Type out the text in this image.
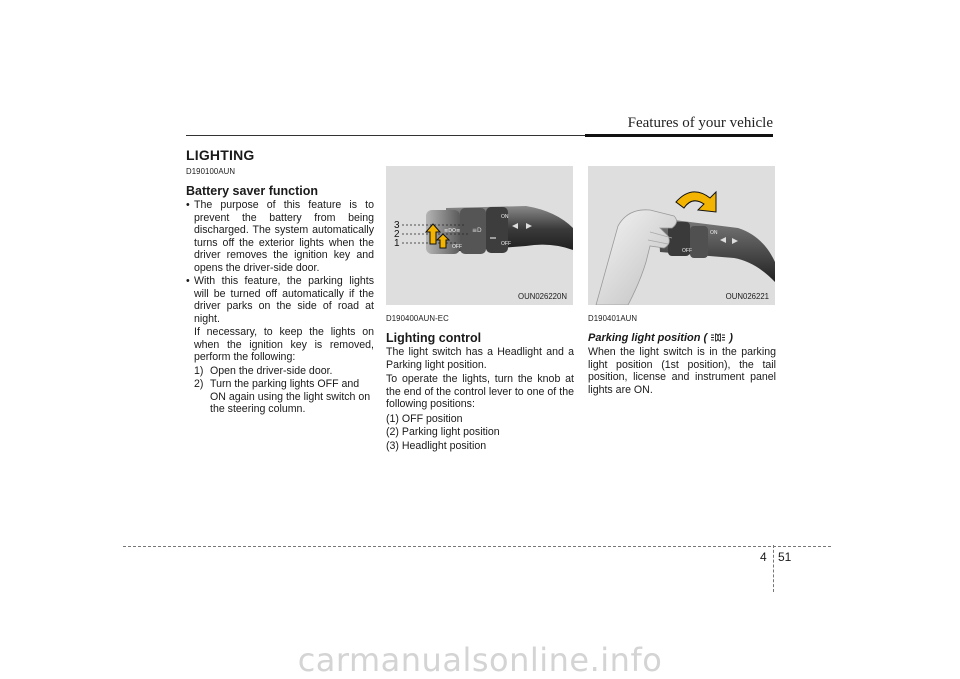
Features of your vehicle
LIGHTING
D190100AUN
Battery saver function
• The purpose of this feature is to prevent the battery from being discharged. The system automatically turns off the exterior lights when the driver removes the ignition key and opens the driver-side door.
• With this feature, the parking lights will be turned off automatically if the driver parks on the side of road at night.
If necessary, to keep the lights on when the ignition key is removed, perform the following:
1) Open the driver-side door.
2) Turn the parking lights OFF and ON again using the light switch on the steering column.
≡D
≡DO≡
3
2
1
ON
OFF
OFF
OUN026220N
D190400AUN-EC
Lighting control

The light switch has a Headlight and a Parking light position.

To operate the lights, turn the knob at the end of the control lever to one of the following positions:

(1) OFF position
(2) Parking light position
(3) Headlight position
ON
OFF
OUN026221
D190401AUN
Parking light position ( )

When the light switch is in the parking light position (1st position), the tail position, license and instrument panel lights are ON.

4 51
carmanualsonline.info
